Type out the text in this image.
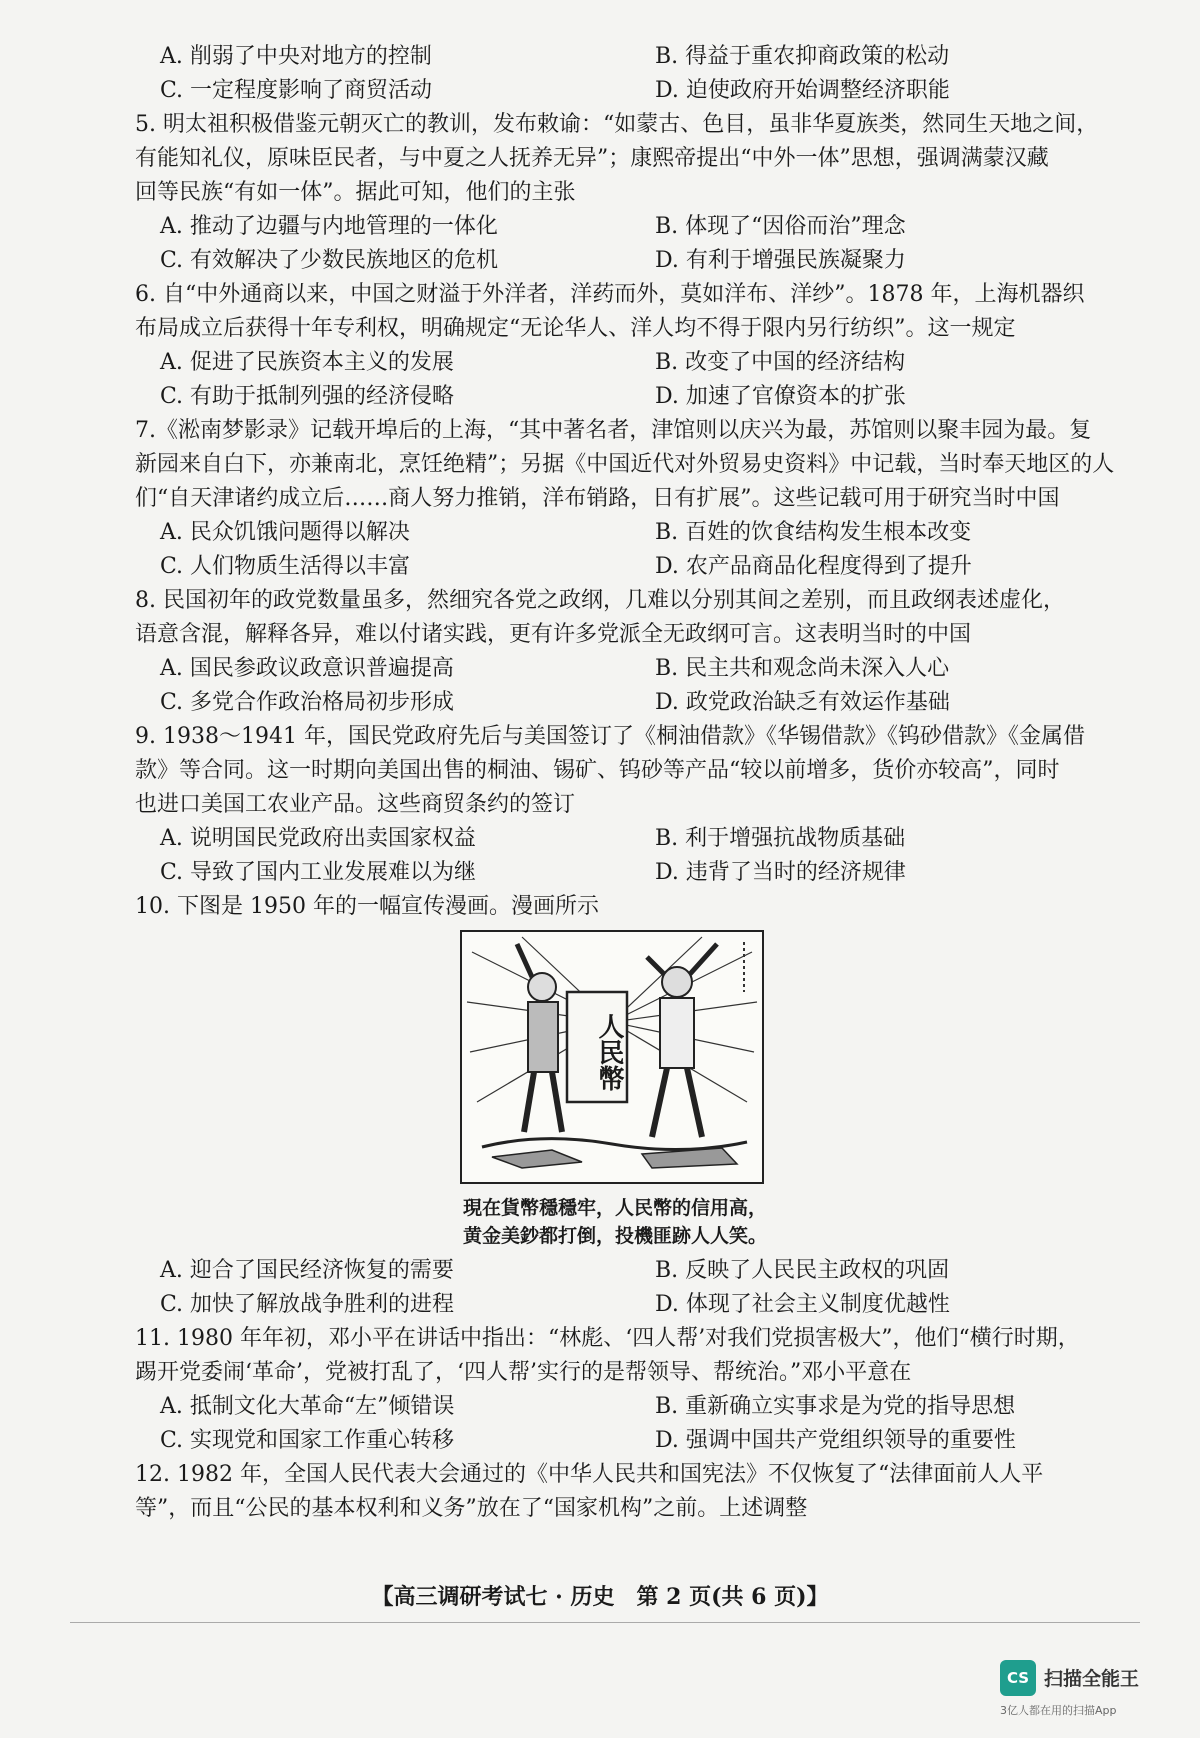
A. 削弱了中央对地方的控制	B. 得益于重农抑商政策的松动
C. 一定程度影响了商贸活动	D. 迫使政府开始调整经济职能
5. 明太祖积极借鉴元朝灭亡的教训，发布敕谕：“如蒙古、色目，虽非华夏族类，然同生天地之间，
有能知礼仪，原味臣民者，与中夏之人抚养无异”；康熙帝提出“中外一体”思想，强调满蒙汉藏
回等民族“有如一体”。据此可知，他们的主张
A. 推动了边疆与内地管理的一体化	B. 体现了“因俗而治”理念
C. 有效解决了少数民族地区的危机	D. 有利于增强民族凝聚力
6. 自“中外通商以来，中国之财溢于外洋者，洋药而外，莫如洋布、洋纱”。1878 年，上海机器织
布局成立后获得十年专利权，明确规定“无论华人、洋人均不得于限内另行纺织”。这一规定
A. 促进了民族资本主义的发展	B. 改变了中国的经济结构
C. 有助于抵制列强的经济侵略	D. 加速了官僚资本的扩张
7.《淞南梦影录》记载开埠后的上海，“其中著名者，津馆则以庆兴为最，苏馆则以聚丰园为最。复
新园来自白下，亦兼南北，烹饪绝精”；另据《中国近代对外贸易史资料》中记载，当时奉天地区的人
们“自天津诸约成立后……商人努力推销，洋布销路，日有扩展”。这些记载可用于研究当时中国
A. 民众饥饿问题得以解决	B. 百姓的饮食结构发生根本改变
C. 人们物质生活得以丰富	D. 农产品商品化程度得到了提升
8. 民国初年的政党数量虽多，然细究各党之政纲，几难以分别其间之差别，而且政纲表述虚化，
语意含混，解释各异，难以付诸实践，更有许多党派全无政纲可言。这表明当时的中国
A. 国民参政议政意识普遍提高	B. 民主共和观念尚未深入人心
C. 多党合作政治格局初步形成	D. 政党政治缺乏有效运作基础
9. 1938～1941 年，国民党政府先后与美国签订了《桐油借款》《华锡借款》《钨砂借款》《金属借
款》等合同。这一时期向美国出售的桐油、锡矿、钨砂等产品“较以前增多，货价亦较高”，同时
也进口美国工农业产品。这些商贸条约的签订
A. 说明国民党政府出卖国家权益	B. 利于增强抗战物质基础
C. 导致了国内工业发展难以为继	D. 违背了当时的经济规律
10. 下图是 1950 年的一幅宣传漫画。漫画所示
人民幣
現在貨幣穩穩牢，人民幣的信用高，
黄金美鈔都打倒，投機匪跡人人笑。
A. 迎合了国民经济恢复的需要	B. 反映了人民民主政权的巩固
C. 加快了解放战争胜利的进程	D. 体现了社会主义制度优越性
11. 1980 年年初，邓小平在讲话中指出：“林彪、‘四人帮’对我们党损害极大”，他们“横行时期，
踢开党委闹‘革命’，党被打乱了，‘四人帮’实行的是帮领导、帮统治。”邓小平意在
A. 抵制文化大革命“左”倾错误	B. 重新确立实事求是为党的指导思想
C. 实现党和国家工作重心转移	D. 强调中国共产党组织领导的重要性
12. 1982 年，全国人民代表大会通过的《中华人民共和国宪法》不仅恢复了“法律面前人人平
等”，而且“公民的基本权利和义务”放在了“国家机构”之前。上述调整
【高三调研考试七 · 历史　第 2 页(共 6 页)】
CS 扫描全能王
3亿人都在用的扫描App
